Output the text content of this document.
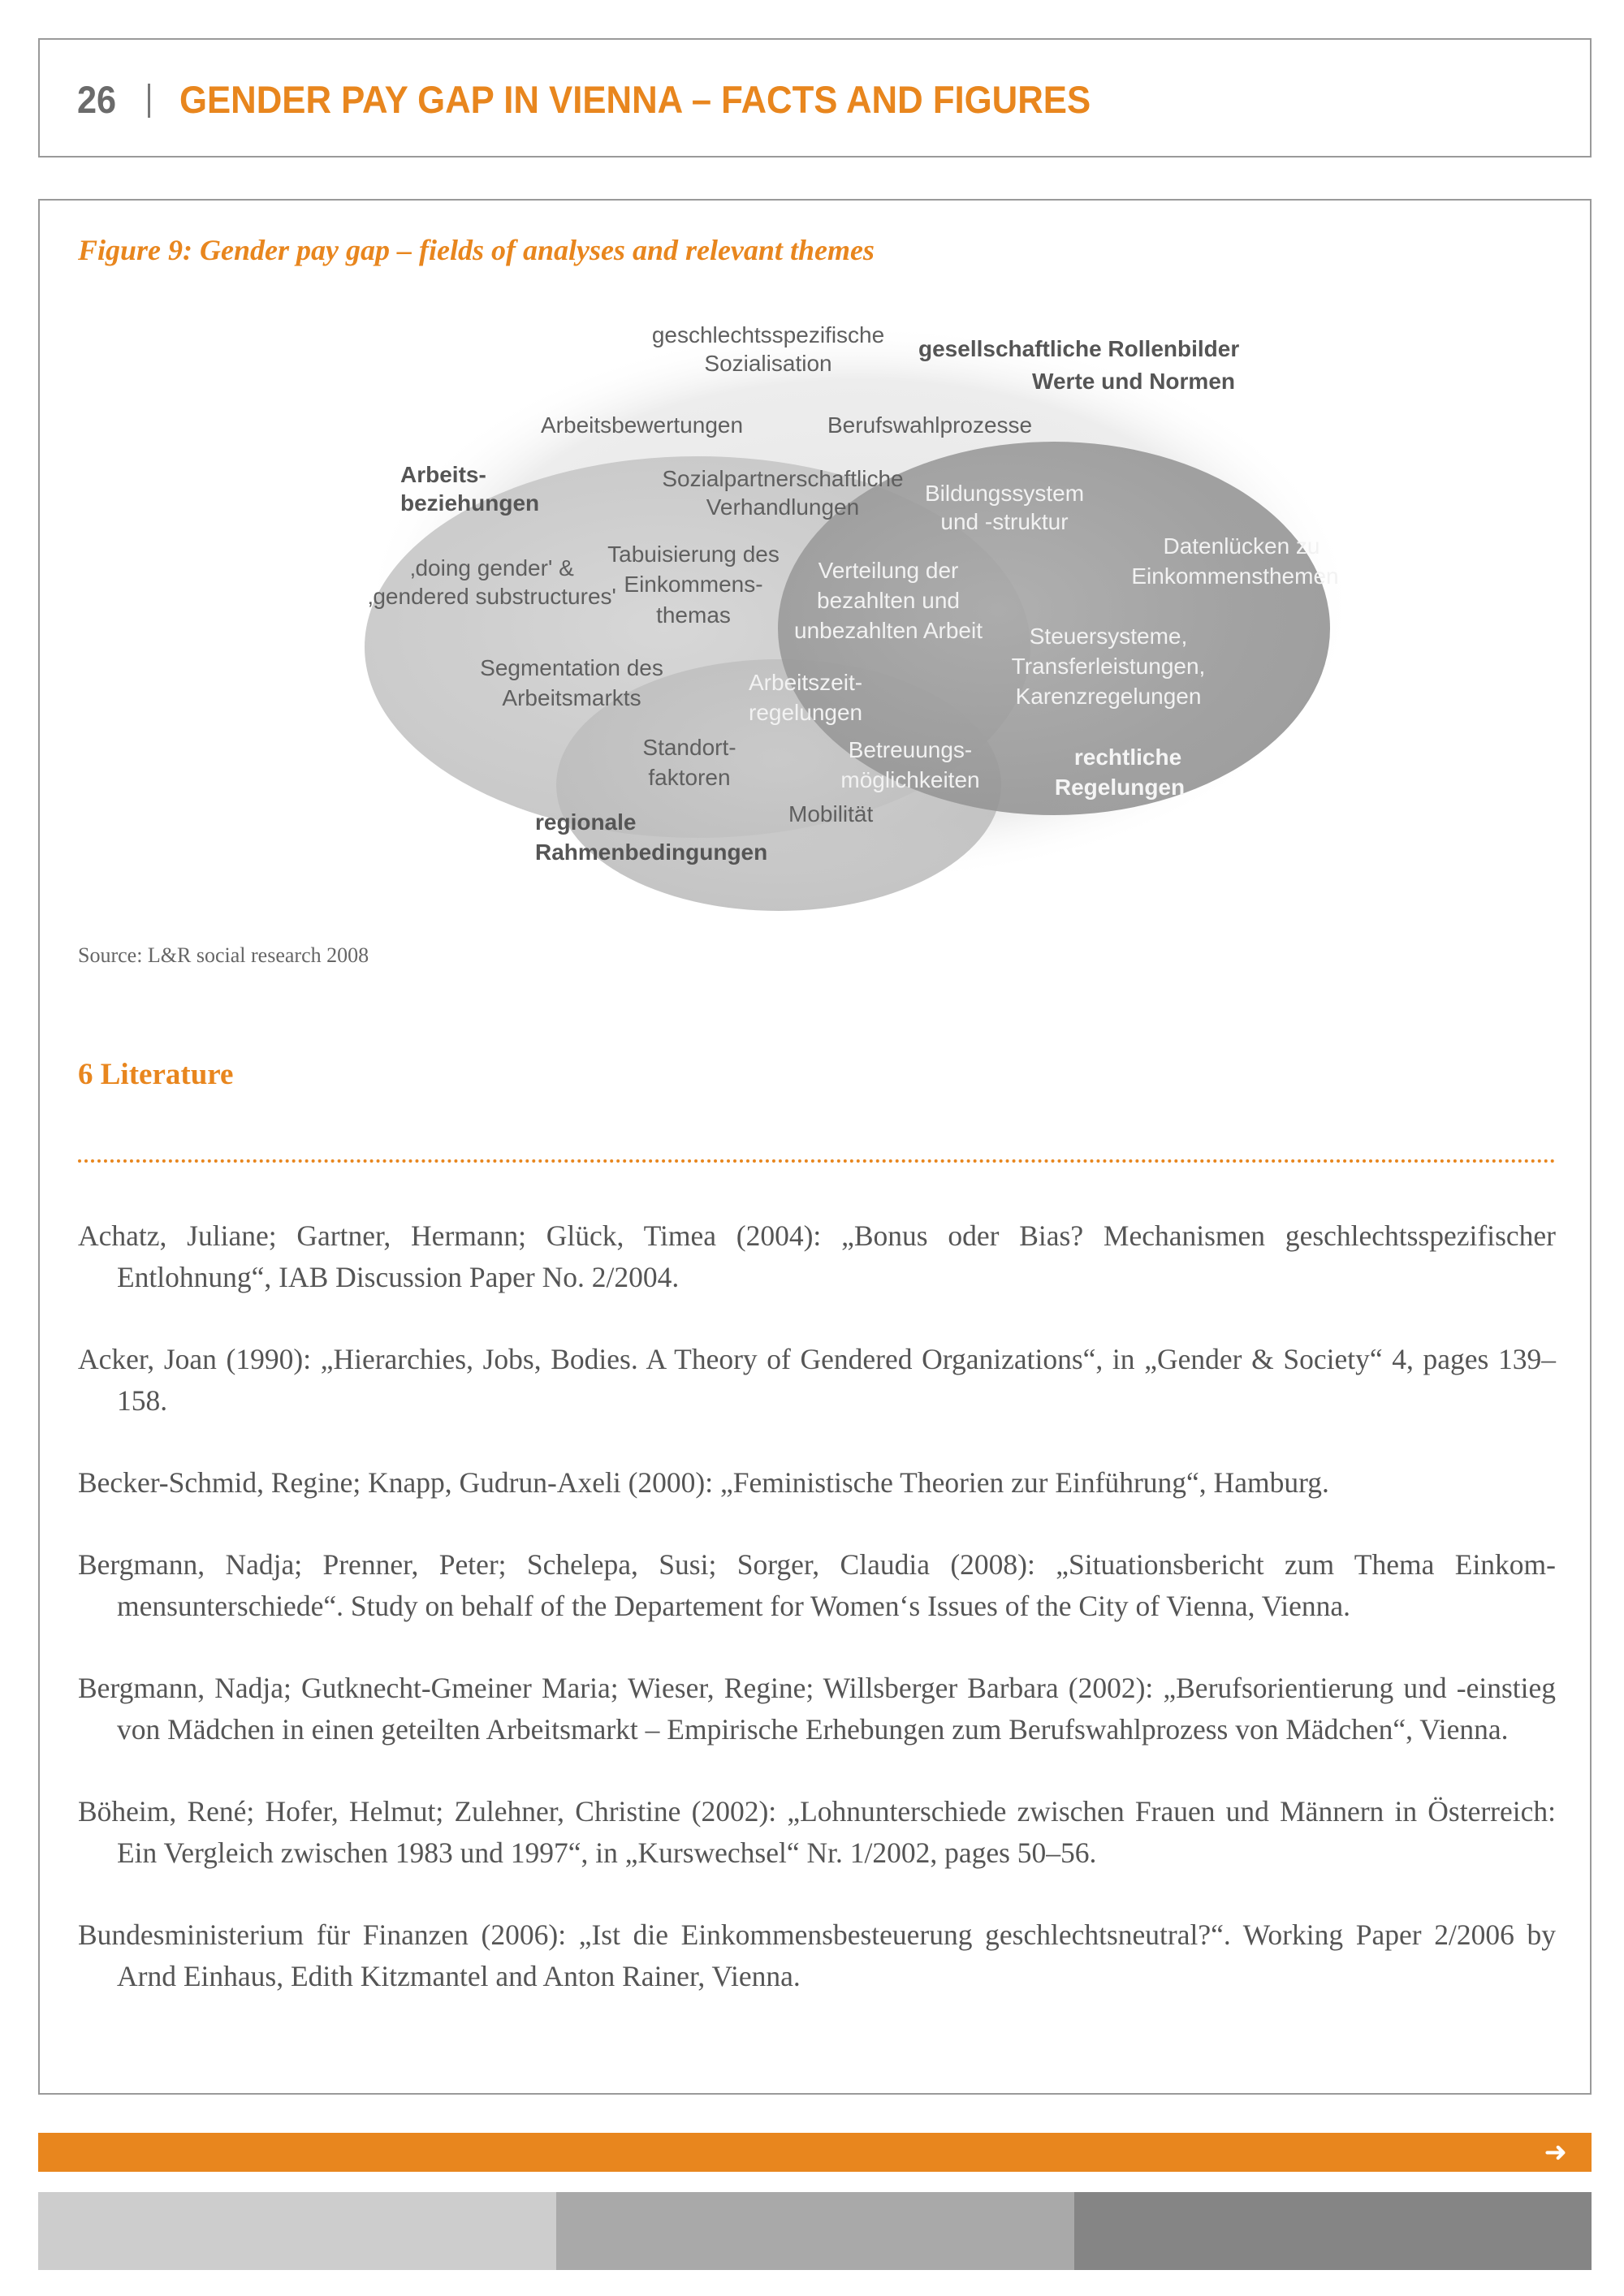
26 GENDER PAY GAP IN VIENNA – FACTS AND FIGURES
Figure 9: Gender pay gap – fields of analyses and relevant themes
geschlechtsspezifische
Sozialisation
gesellschaftliche Rollenbilder
Werte und Normen
Arbeitsbewertungen	Berufswahlprozesse
Arbeits-
beziehungen
Sozialpartnerschaftliche
Verhandlungen
Bildungssystem
und -struktur
Datenlücken zu
Einkommensthemen
‚doing gender' &
‚gendered substructures'
Tabuisierung des
Einkommens-
themas
Verteilung der
bezahlten und
unbezahlten Arbeit Steuersysteme,
Transferleistungen,
Karenzregelungen
Segmentation des
Arbeitsmarkts
Arbeitszeit-
regelungen
Standort-
faktoren
Betreuungs-
möglichkeiten
rechtliche
Regelungen
Mobilität
regionale
Rahmenbedingungen
Source: L&R social research 2008
6 Literature

Achatz, Juliane; Gartner, Hermann; Glück, Timea (2004): „Bonus oder Bias? Mechanismen geschlechtsspezifischer Entlohnung“, IAB Discussion Paper No. 2/2004.

Acker, Joan (1990): „Hierarchies, Jobs, Bodies. A Theory of Gendered Organizations“, in „Gender & Society“ 4, pages 139–158.

Becker-Schmid, Regine; Knapp, Gudrun-Axeli (2000): „Feministische Theorien zur Einführung“, Hamburg.

Bergmann, Nadja; Prenner, Peter; Schelepa, Susi; Sorger, Claudia (2008): „Situationsbericht zum Thema Einkom-mensunterschiede“. Study on behalf of the Departement for Women‘s Issues of the City of Vienna, Vienna.

Bergmann, Nadja; Gutknecht-Gmeiner Maria; Wieser, Regine; Willsberger Barbara (2002): „Berufsorientierung und -einstieg von Mädchen in einen geteilten Arbeitsmarkt – Empirische Erhebungen zum Berufswahlprozess von Mädchen“, Vienna.

Böheim, René; Hofer, Helmut; Zulehner, Christine (2002): „Lohnunterschiede zwischen Frauen und Männern in Österreich: Ein Vergleich zwischen 1983 und 1997“, in „Kurswechsel“ Nr. 1/2002, pages 50–56.

Bundesministerium für Finanzen (2006): „Ist die Einkommensbesteuerung geschlechtsneutral?“. Working Paper 2/2006 by Arnd Einhaus, Edith Kitzmantel and Anton Rainer, Vienna.

➜
